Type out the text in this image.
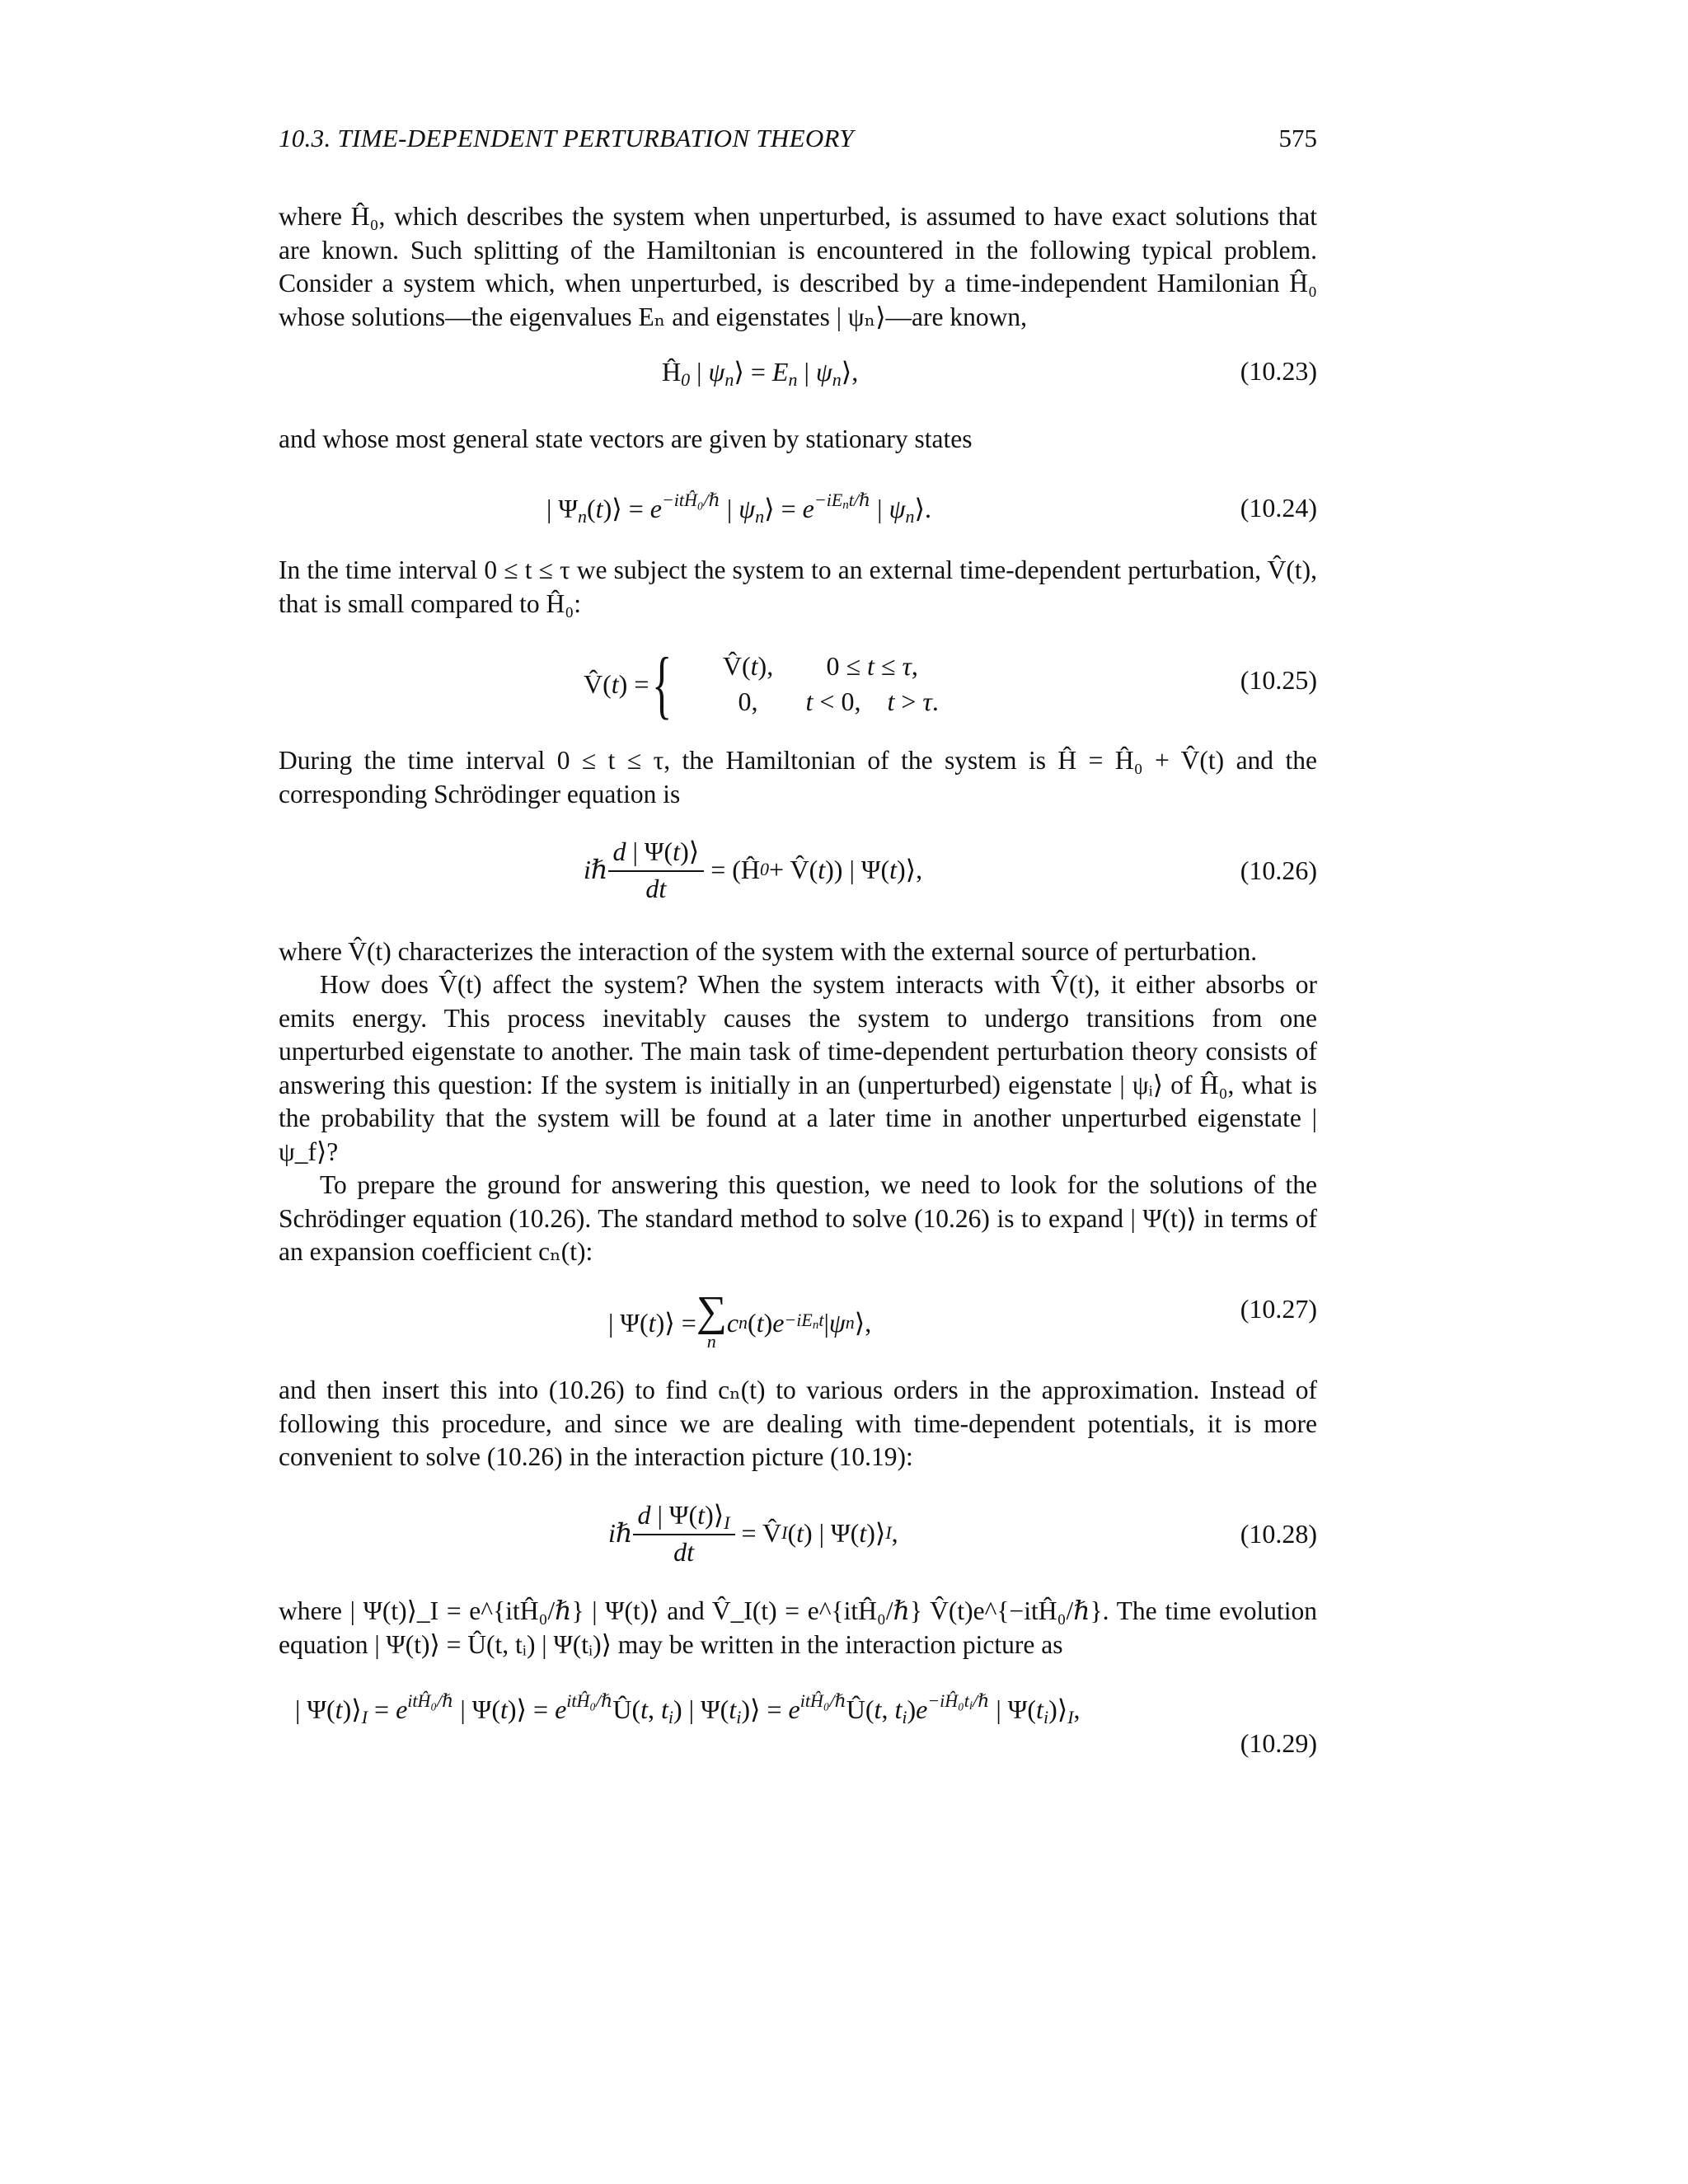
10.3. TIME-DEPENDENT PERTURBATION THEORY	575
where Ĥ₀, which describes the system when unperturbed, is assumed to have exact solutions that are known. Such splitting of the Hamiltonian is encountered in the following typical problem. Consider a system which, when unperturbed, is described by a time-independent Hamilonian Ĥ₀ whose solutions—the eigenvalues Eₙ and eigenstates | ψₙ⟩—are known,
$Ĥ_0$ | $\psi_n⟩ = E_n$ | $\psi_n⟩$,	(10.23)
and whose most general state vectors are given by stationary states
| $\Psi_n(t)⟩ = e^{-itĤ_0/\hbar}$ | $\psi_n⟩ = e^{-iE_nt/\hbar}$ | $\psi_n⟩$.	(10.24)
In the time interval 0 ≤ t ≤ τ we subject the system to an external time-dependent perturbation, V̂(t), that is small compared to Ĥ₀:
V̂(t) = {	V̂(t),	0 ≤ t ≤ τ,
0,	t < 0,    t > τ.
(10.25)
During the time interval 0 ≤ t ≤ τ, the Hamiltonian of the system is Ĥ = Ĥ₀ + V̂(t) and the corresponding Schrödinger equation is
i ℏ $\frac{d | \Psi(t)⟩}{dt}$ = (Ĥ 0 + V̂( t )) | Ψ( t )⟩,	(10.26)
where V̂(t) characterizes the interaction of the system with the external source of perturbation.
How does V̂(t) affect the system? When the system interacts with V̂(t), it either absorbs or emits energy. This process inevitably causes the system to undergo transitions from one unperturbed eigenstate to another. The main task of time-dependent perturbation theory consists of answering this question: If the system is initially in an (unperturbed) eigenstate | ψᵢ⟩ of Ĥ₀, what is the probability that the system will be found at a later time in another unperturbed eigenstate | ψ_f⟩?
To prepare the ground for answering this question, we need to look for the solutions of the Schrödinger equation (10.26). The standard method to solve (10.26) is to expand | Ψ(t)⟩ in terms of an expansion coefficient cₙ(t):
| Ψ( t )⟩ = ∑
n
c n ( t ) $e -iE_nt$ | ψ n ⟩,	(10.27)
and then insert this into (10.26) to find cₙ(t) to various orders in the approximation. Instead of following this procedure, and since we are dealing with time-dependent potentials, it is more convenient to solve (10.26) in the interaction picture (10.19):
i ℏ $\frac{d | \Psi(t)⟩_I}{dt}$ = V̂ I ( t ) | Ψ( t )⟩ I ,	(10.28)
where | Ψ(t)⟩_I = e^{itĤ₀/ℏ} | Ψ(t)⟩ and V̂_I(t) = e^{itĤ₀/ℏ} V̂(t)e^{−itĤ₀/ℏ}. The time evolution equation | Ψ(t)⟩ = Û(t, tᵢ) | Ψ(tᵢ)⟩ may be written in the interaction picture as
| $\Psi(t)⟩_I = e^{itĤ_0/\hbar}$ | Ψ(t)⟩ = $e^{itĤ_0/\hbar}Û(t$, $t_i$) | $\Psi(t_i)⟩$ = $e^{itĤ_0/\hbar}Û(t$, $t_i)e^{-iĤ_0t_i/\hbar}$ | $\Psi(t_i)⟩_I$,
(10.29)
